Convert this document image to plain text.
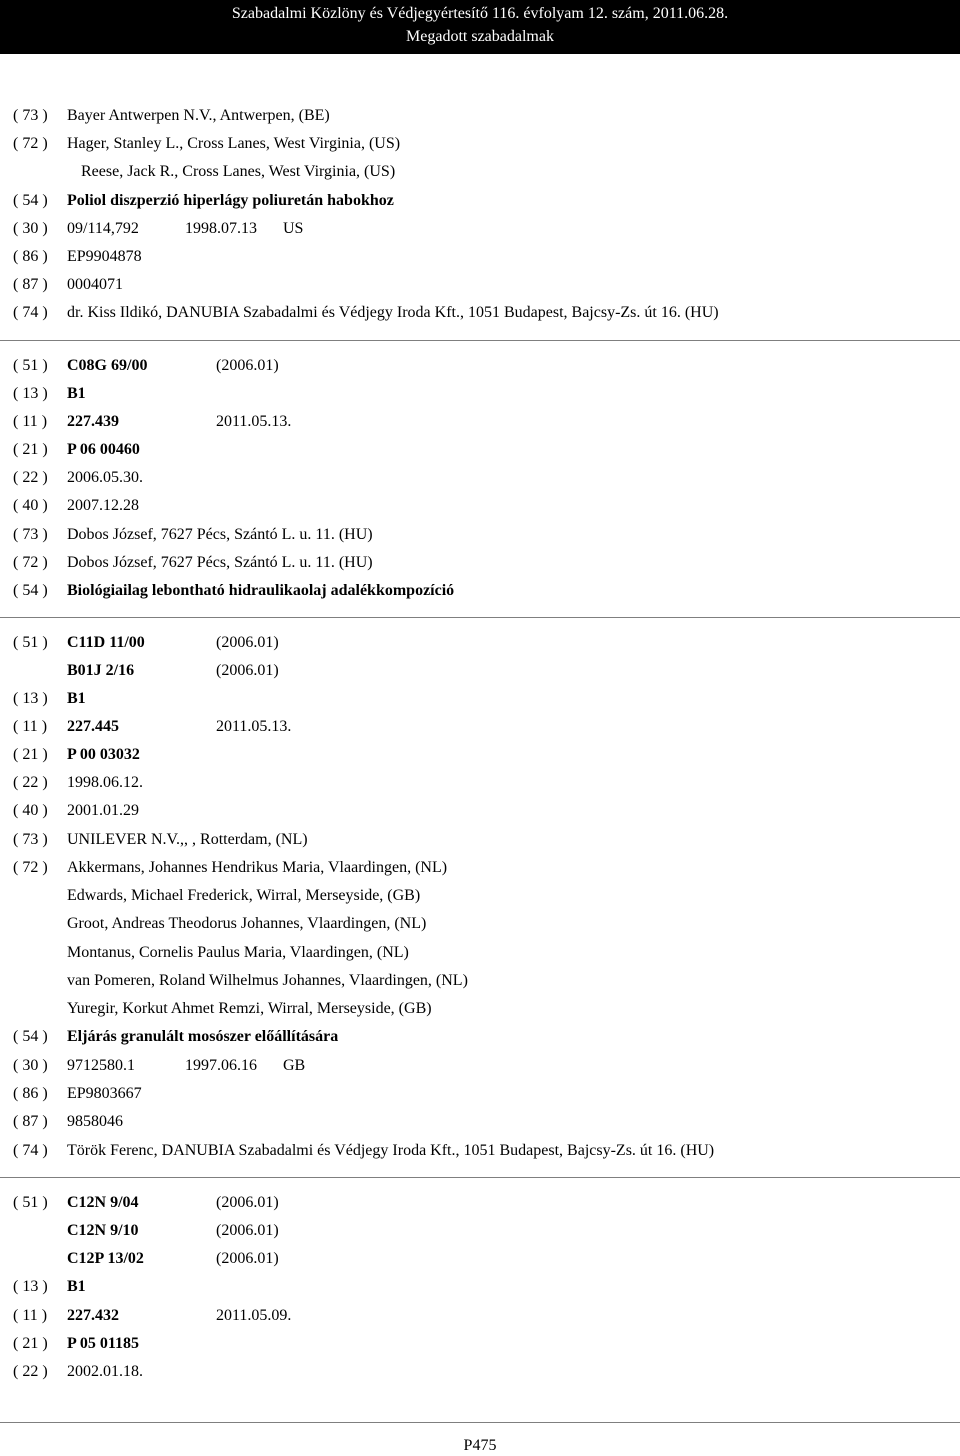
Szabadalmi Közlöny és Védjegyértesítő 116. évfolyam 12. szám, 2011.06.28.
Megadott szabadalmak
( 73 ) Bayer Antwerpen N.V., Antwerpen, (BE)
( 72 ) Hager, Stanley L., Cross Lanes, West Virginia, (US)
Reese, Jack R., Cross Lanes, West Virginia, (US)
( 54 ) Poliol diszperzió hiperlágy poliuretán habokhoz
( 30 ) 09/114,792	1998.07.13 US
( 86 ) EP9904878
( 87 ) 0004071
( 74 ) dr. Kiss Ildikó, DANUBIA Szabadalmi és Védjegy Iroda Kft., 1051 Budapest, Bajcsy-Zs. út 16. (HU)
( 51 ) C08G 69/00	(2006.01)
( 13 ) B1
( 11 ) 227.439	2011.05.13.
( 21 ) P 06 00460
( 22 ) 2006.05.30.
( 40 ) 2007.12.28
( 73 ) Dobos József, 7627 Pécs, Szántó L. u. 11. (HU)
( 72 ) Dobos József, 7627 Pécs, Szántó L. u. 11. (HU)
( 54 ) Biológiailag lebontható hidraulikaolaj adalékkompozíció
( 51 ) C11D 11/00	(2006.01)
B01J 2/16	(2006.01)
( 13 ) B1
( 11 ) 227.445	2011.05.13.
( 21 ) P 00 03032
( 22 ) 1998.06.12.
( 40 ) 2001.01.29
( 73 ) UNILEVER N.V.,, , Rotterdam, (NL)
( 72 ) Akkermans, Johannes Hendrikus Maria, Vlaardingen, (NL)
Edwards, Michael Frederick, Wirral, Merseyside, (GB)
Groot, Andreas Theodorus Johannes, Vlaardingen, (NL)
Montanus, Cornelis Paulus Maria, Vlaardingen, (NL)
van Pomeren, Roland Wilhelmus Johannes, Vlaardingen, (NL)
Yuregir, Korkut Ahmet Remzi, Wirral, Merseyside, (GB)
( 54 ) Eljárás granulált mosószer előállítására
( 30 ) 9712580.1	1997.06.16 GB
( 86 ) EP9803667
( 87 ) 9858046
( 74 ) Török Ferenc, DANUBIA Szabadalmi és Védjegy Iroda Kft., 1051 Budapest, Bajcsy-Zs. út 16. (HU)
( 51 ) C12N 9/04	(2006.01)
C12N 9/10	(2006.01)
C12P 13/02	(2006.01)
( 13 ) B1
( 11 ) 227.432	2011.05.09.
( 21 ) P 05 01185
( 22 ) 2002.01.18.
P475
